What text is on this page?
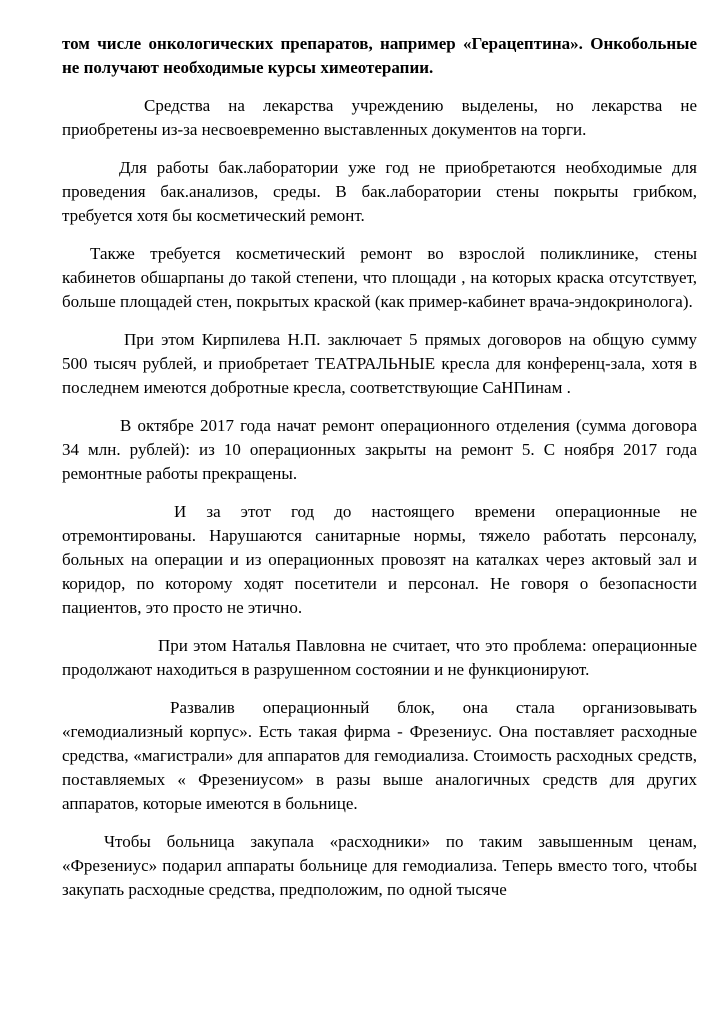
том числе онкологических препаратов, например «Герацептина». Онкобольные не получают необходимые курсы химеотерапии.

Средства на лекарства учреждению выделены, но лекарства не приобретены из-за несвоевременно выставленных документов на торги.

Для работы бак.лаборатории уже год не приобретаются необходимые для проведения бак.анализов, среды. В бак.лаборатории стены покрыты грибком, требуется хотя бы косметический ремонт.

Также требуется косметический ремонт во взрослой поликлинике, стены кабинетов обшарпаны до такой степени, что площади , на которых краска отсутствует, больше площадей стен, покрытых краской (как пример-кабинет врача-эндокринолога).

При этом Кирпилева Н.П. заключает 5 прямых договоров на общую сумму 500 тысяч рублей, и приобретает ТЕАТРАЛЬНЫЕ кресла для конференц-зала, хотя в последнем имеются добротные кресла, соответствующие СаНПинам .

В октябре 2017 года начат ремонт операционного отделения (сумма договора 34 млн. рублей): из 10 операционных закрыты на ремонт 5. С ноября 2017 года ремонтные работы прекращены.

И за этот год до настоящего времени операционные не отремонтированы. Нарушаются санитарные нормы, тяжело работать персоналу, больных на операции и из операционных провозят на каталках через актовый зал и коридор, по которому ходят посетители и персонал. Не говоря о безопасности пациентов, это просто не этично.

При этом Наталья Павловна не считает, что это проблема: операционные продолжают находиться в разрушенном состоянии и не функционируют.

Развалив операционный блок, она стала организовывать «гемодиализный корпус». Есть такая фирма - Фрезениус. Она поставляет расходные средства, «магистрали» для аппаратов для гемодиализа. Стоимость расходных средств, поставляемых « Фрезениусом» в разы выше аналогичных средств для других аппаратов, которые имеются в больнице.

Чтобы больница закупала «расходники» по таким завышенным ценам, «Фрезениус» подарил аппараты больнице для гемодиализа. Теперь вместо того, чтобы закупать расходные средства, предположим, по одной тысяче
